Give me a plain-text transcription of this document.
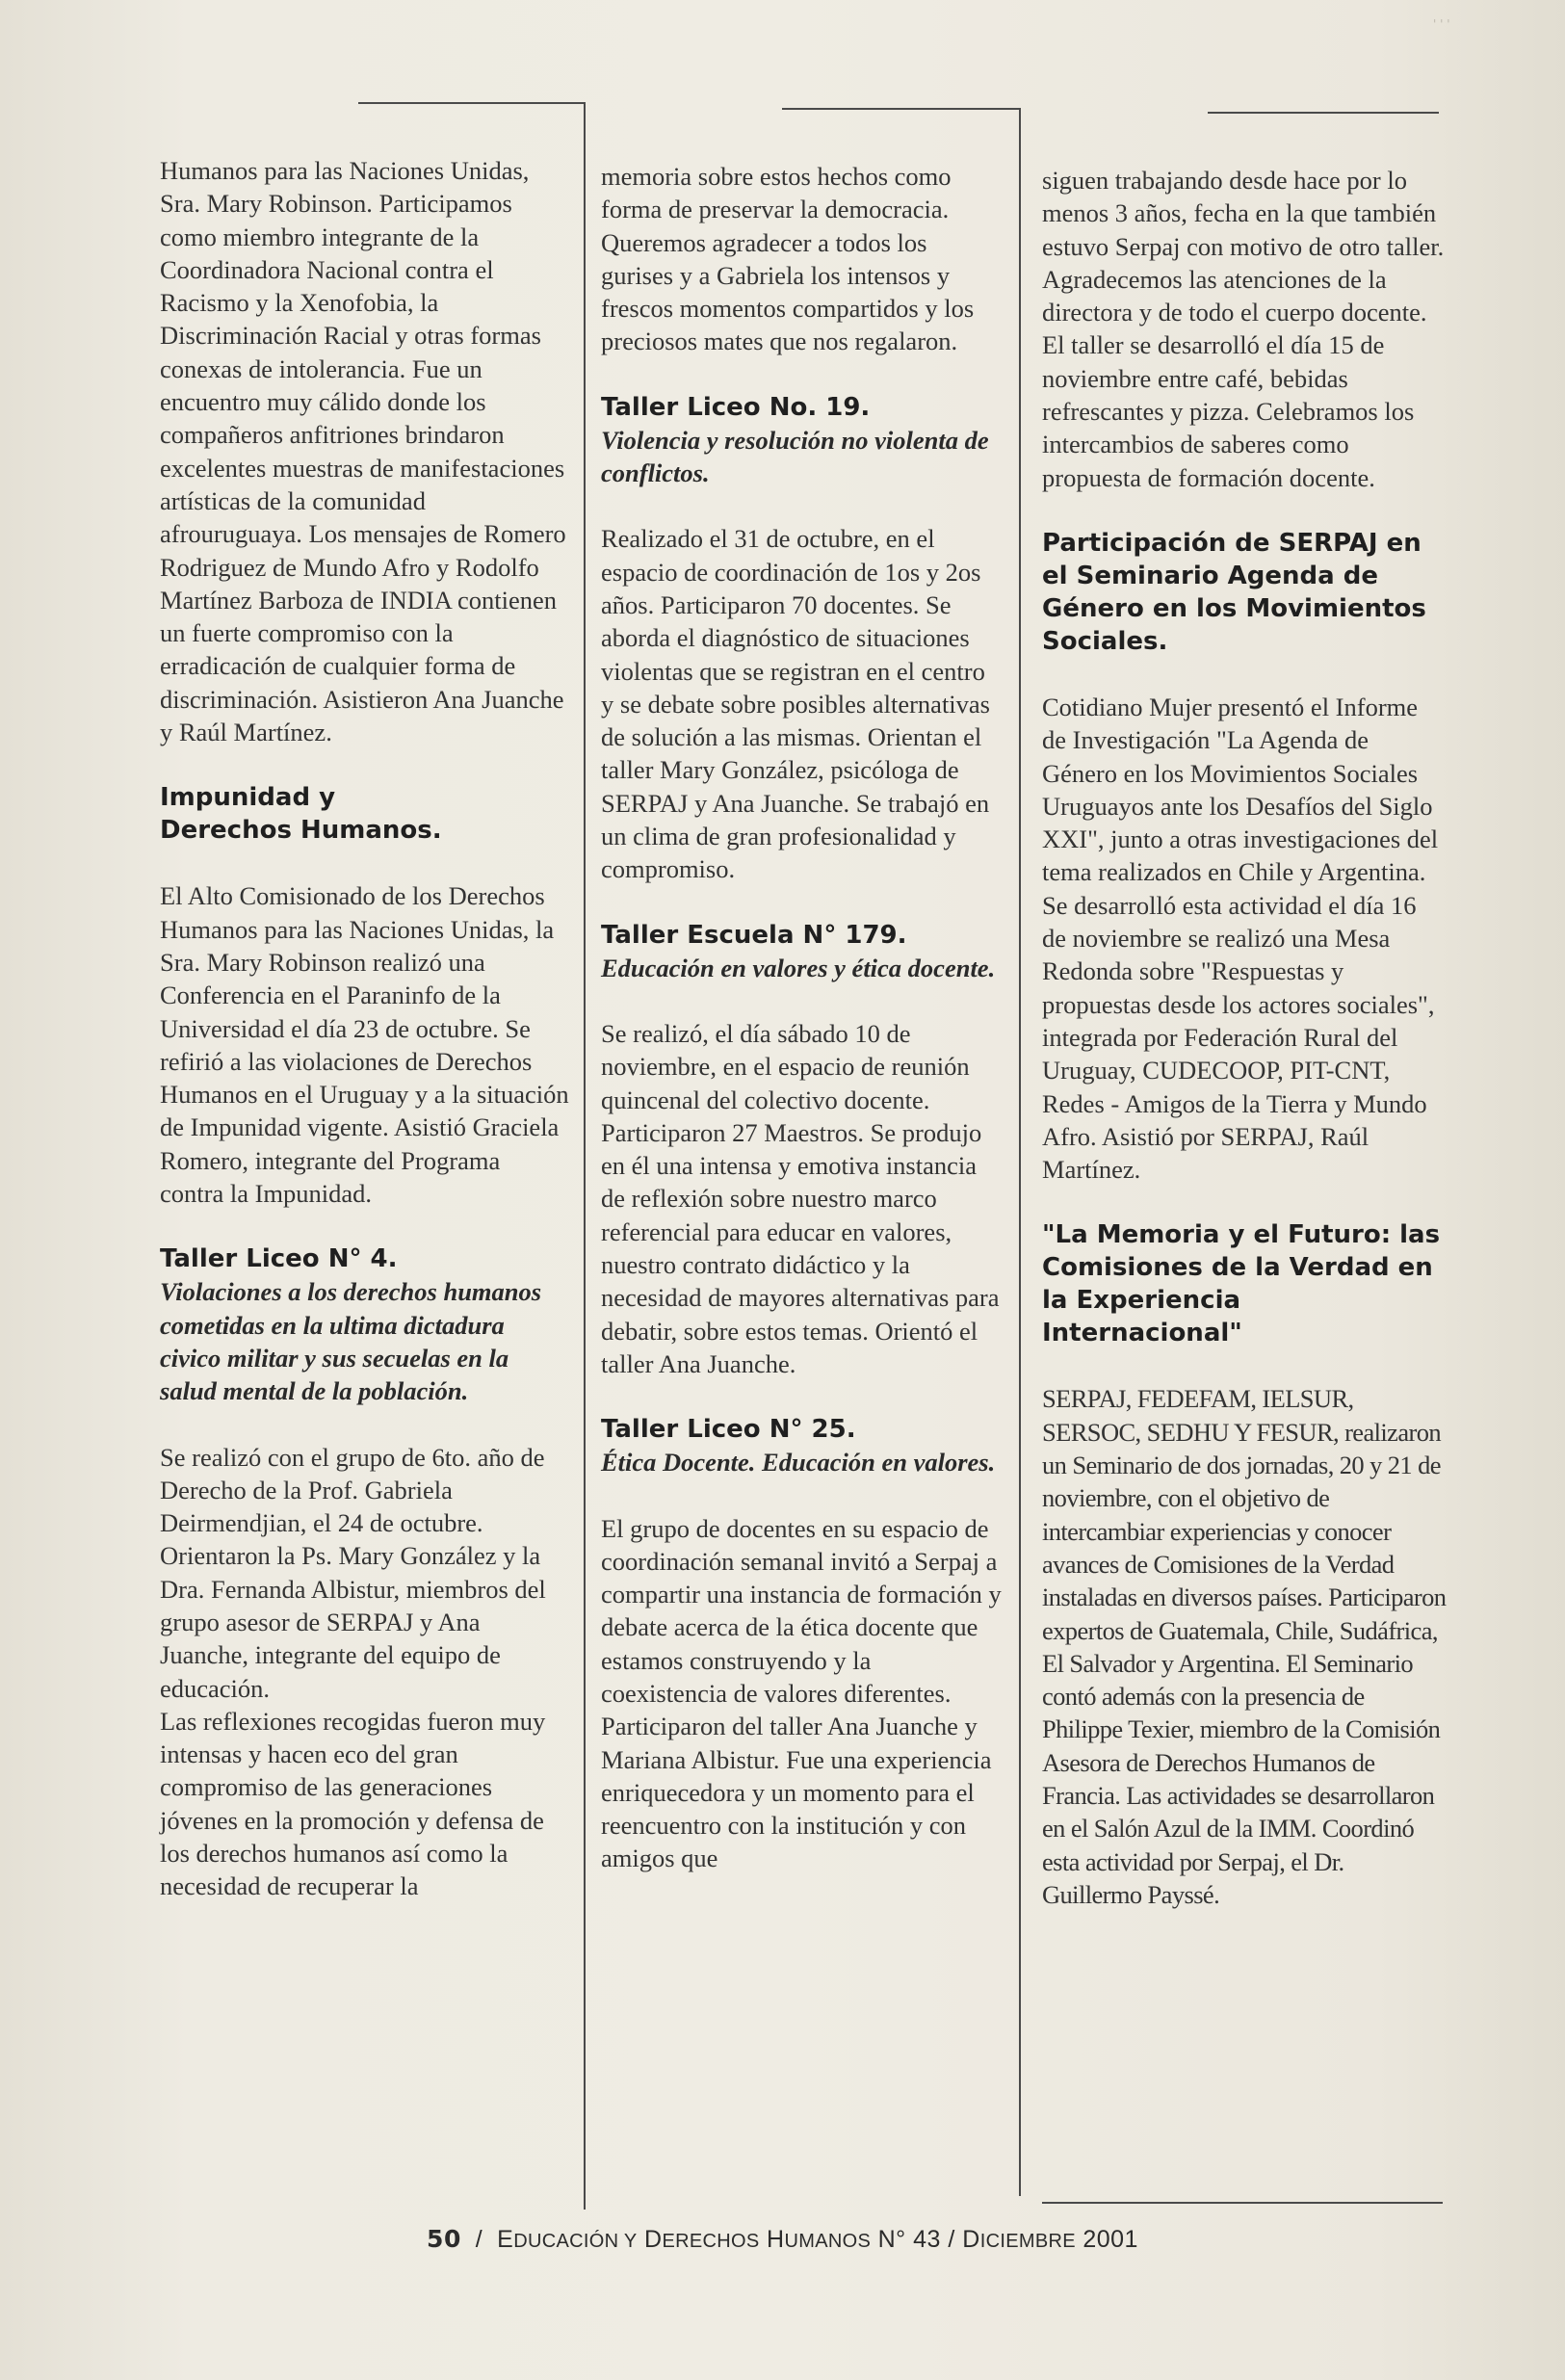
' ' '

Humanos para las Naciones Unidas, Sra. Mary Robinson. Participamos como miembro integrante de la Coordinadora Nacional contra el Racismo y la Xenofobia, la Discriminación Racial y otras formas conexas de intolerancia. Fue un encuentro muy cálido donde los compañeros anfitriones brindaron excelentes muestras de manifestaciones artísticas de la comunidad afrouruguaya. Los mensajes de Romero Rodriguez de Mundo Afro y Rodolfo Martínez Barboza de INDIA contienen un fuerte compromiso con la erradicación de cualquier forma de discriminación. Asistieron Ana Juanche y Raúl Martínez.

Impunidad y Derechos Humanos.

El Alto Comisionado de los Derechos Humanos para las Naciones Unidas, la Sra. Mary Robinson realizó una Conferencia en el Paraninfo de la Universidad el día 23 de octubre. Se refirió a las violaciones de Derechos Humanos en el Uruguay y a la situación de Impunidad vigente. Asistió Graciela Romero, integrante del Programa contra la Impunidad.

Taller Liceo N° 4.

Violaciones a los derechos humanos cometidas en la ultima dictadura civico militar y sus secuelas en la salud mental de la población.

Se realizó con el grupo de 6to. año de Derecho de la Prof. Gabriela Deirmendjian, el 24 de octubre. Orientaron la Ps. Mary González y la Dra. Fernanda Albistur, miembros del grupo asesor de SERPAJ y Ana Juanche, integrante del equipo de educación.

Las reflexiones recogidas fueron muy intensas y hacen eco del gran compromiso de las generaciones jóvenes en la promoción y defensa de los derechos humanos así como la necesidad de recuperar la

memoria sobre estos hechos como forma de preservar la democracia. Queremos agradecer a todos los gurises y a Gabriela los intensos y frescos momentos compartidos y los preciosos mates que nos regalaron.

Taller Liceo No. 19.

Violencia y resolución no violenta de conflictos.

Realizado el 31 de octubre, en el espacio de coordinación de 1os y 2os años. Participaron 70 docentes. Se aborda el diagnóstico de situaciones violentas que se registran en el centro y se debate sobre posibles alternativas de solución a las mismas. Orientan el taller Mary González, psicóloga de SERPAJ y Ana Juanche. Se trabajó en un clima de gran profesionalidad y compromiso.

Taller Escuela N° 179.

Educación en valores y ética docente.

Se realizó, el día sábado 10 de noviembre, en el espacio de reunión quincenal del colectivo docente. Participaron 27 Maestros. Se produjo en él una intensa y emotiva instancia de reflexión sobre nuestro marco referencial para educar en valores, nuestro contrato didáctico y la necesidad de mayores alternativas para debatir, sobre estos temas. Orientó el taller Ana Juanche.

Taller Liceo N° 25.

Ética Docente. Educación en valores.

El grupo de docentes en su espacio de coordinación semanal invitó a Serpaj a compartir una instancia de formación y debate acerca de la ética docente que estamos construyendo y la coexistencia de valores diferentes. Participaron del taller Ana Juanche y Mariana Albistur. Fue una experiencia enriquecedora y un momento para el reencuentro con la institución y con amigos que

siguen trabajando desde hace por lo menos 3 años, fecha en la que también estuvo Serpaj con motivo de otro taller.

Agradecemos las atenciones de la directora y de todo el cuerpo docente. El taller se desarrolló el día 15 de noviembre entre café, bebidas refrescantes y pizza. Celebramos los intercambios de saberes como propuesta de formación docente.

Participación de SERPAJ en el Seminario Agenda de Género en los Movimientos Sociales.

Cotidiano Mujer presentó el Informe de Investigación "La Agenda de Género en los Movimientos Sociales Uruguayos ante los Desafíos del Siglo XXI", junto a otras investigaciones del tema realizados en Chile y Argentina. Se desarrolló esta actividad el día 16 de noviembre se realizó una Mesa Redonda sobre "Respuestas y propuestas desde los actores sociales", integrada por Federación Rural del Uruguay, CUDECOOP, PIT-CNT, Redes - Amigos de la Tierra y Mundo Afro. Asistió por SERPAJ, Raúl Martínez.

"La Memoria y el Futuro: las Comisiones de la Verdad en la Experiencia Internacional"

SERPAJ, FEDEFAM, IELSUR, SERSOC, SEDHU Y FESUR, realizaron un Seminario de dos jornadas, 20 y 21 de noviembre, con el objetivo de intercambiar experiencias y conocer avances de Comisiones de la Verdad instaladas en diversos países. Participaron expertos de Guatemala, Chile, Sudáfrica, El Salvador y Argentina. El Seminario contó además con la presencia de Philippe Texier, miembro de la Comisión Asesora de Derechos Humanos de Francia. Las actividades se desarrollaron en el Salón Azul de la IMM. Coordinó esta actividad por Serpaj, el Dr. Guillermo Payssé.

50 / EDUCACIÓN Y DERECHOS HUMANOS N° 43 / DICIEMBRE 2001
